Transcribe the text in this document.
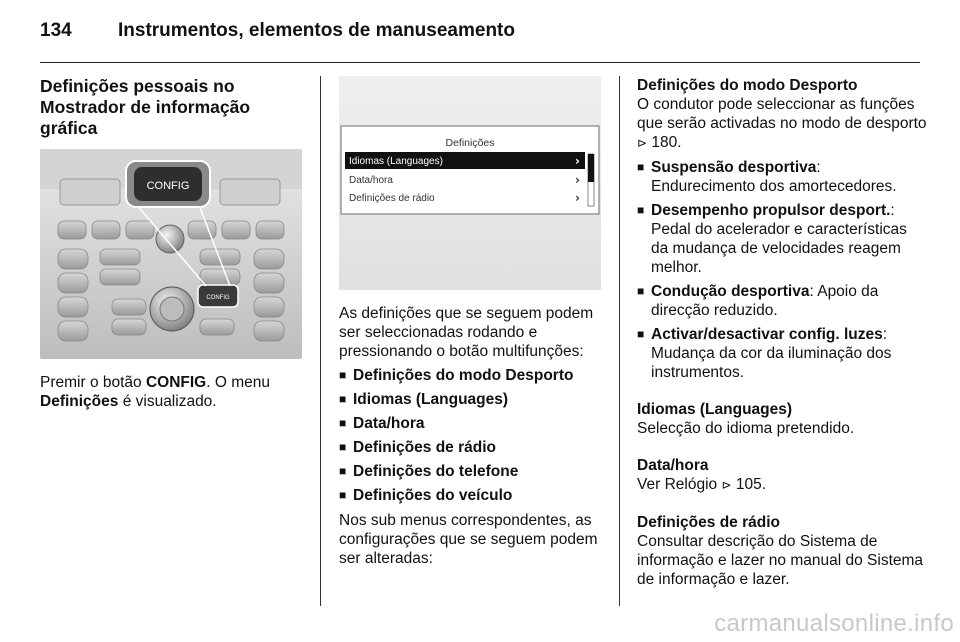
134 Instrumentos, elementos de manuseamento
Definições pessoais no Mostrador de informação gráfica
CONFIG
CONFIG

Premir o botão CONFIG. O menu Definições é visualizado.

Definições
Idiomas (Languages)	›
Data/hora	›
Definições de rádio	›

As definições que se seguem podem ser seleccionadas rodando e pressionando o botão multifunções:

■
Definições do modo Desporto
■
Idiomas (Languages)
■
Data/hora
■
Definições de rádio
■
Definições do telefone
■
Definições do veículo

Nos sub menus correspondentes, as configurações que se seguem podem ser alteradas:

Definições do modo Desporto

O condutor pode seleccionar as funções que serão activadas no modo de desporto ⊳ 180.

■
Suspensão desportiva: Endurecimento dos amortecedores.
■
Desempenho propulsor desport.: Pedal do acelerador e características da mudança de velocidades reagem melhor.
■
Condução desportiva: Apoio da direcção reduzido.
■
Activar/desactivar config. luzes: Mudança da cor da iluminação dos instrumentos.

Idiomas (Languages)

Selecção do idioma pretendido.

Data/hora

Ver Relógio ⊳ 105.

Definições de rádio

Consultar descrição do Sistema de informação e lazer no manual do Sistema de informação e lazer.

carmanualsonline.info
